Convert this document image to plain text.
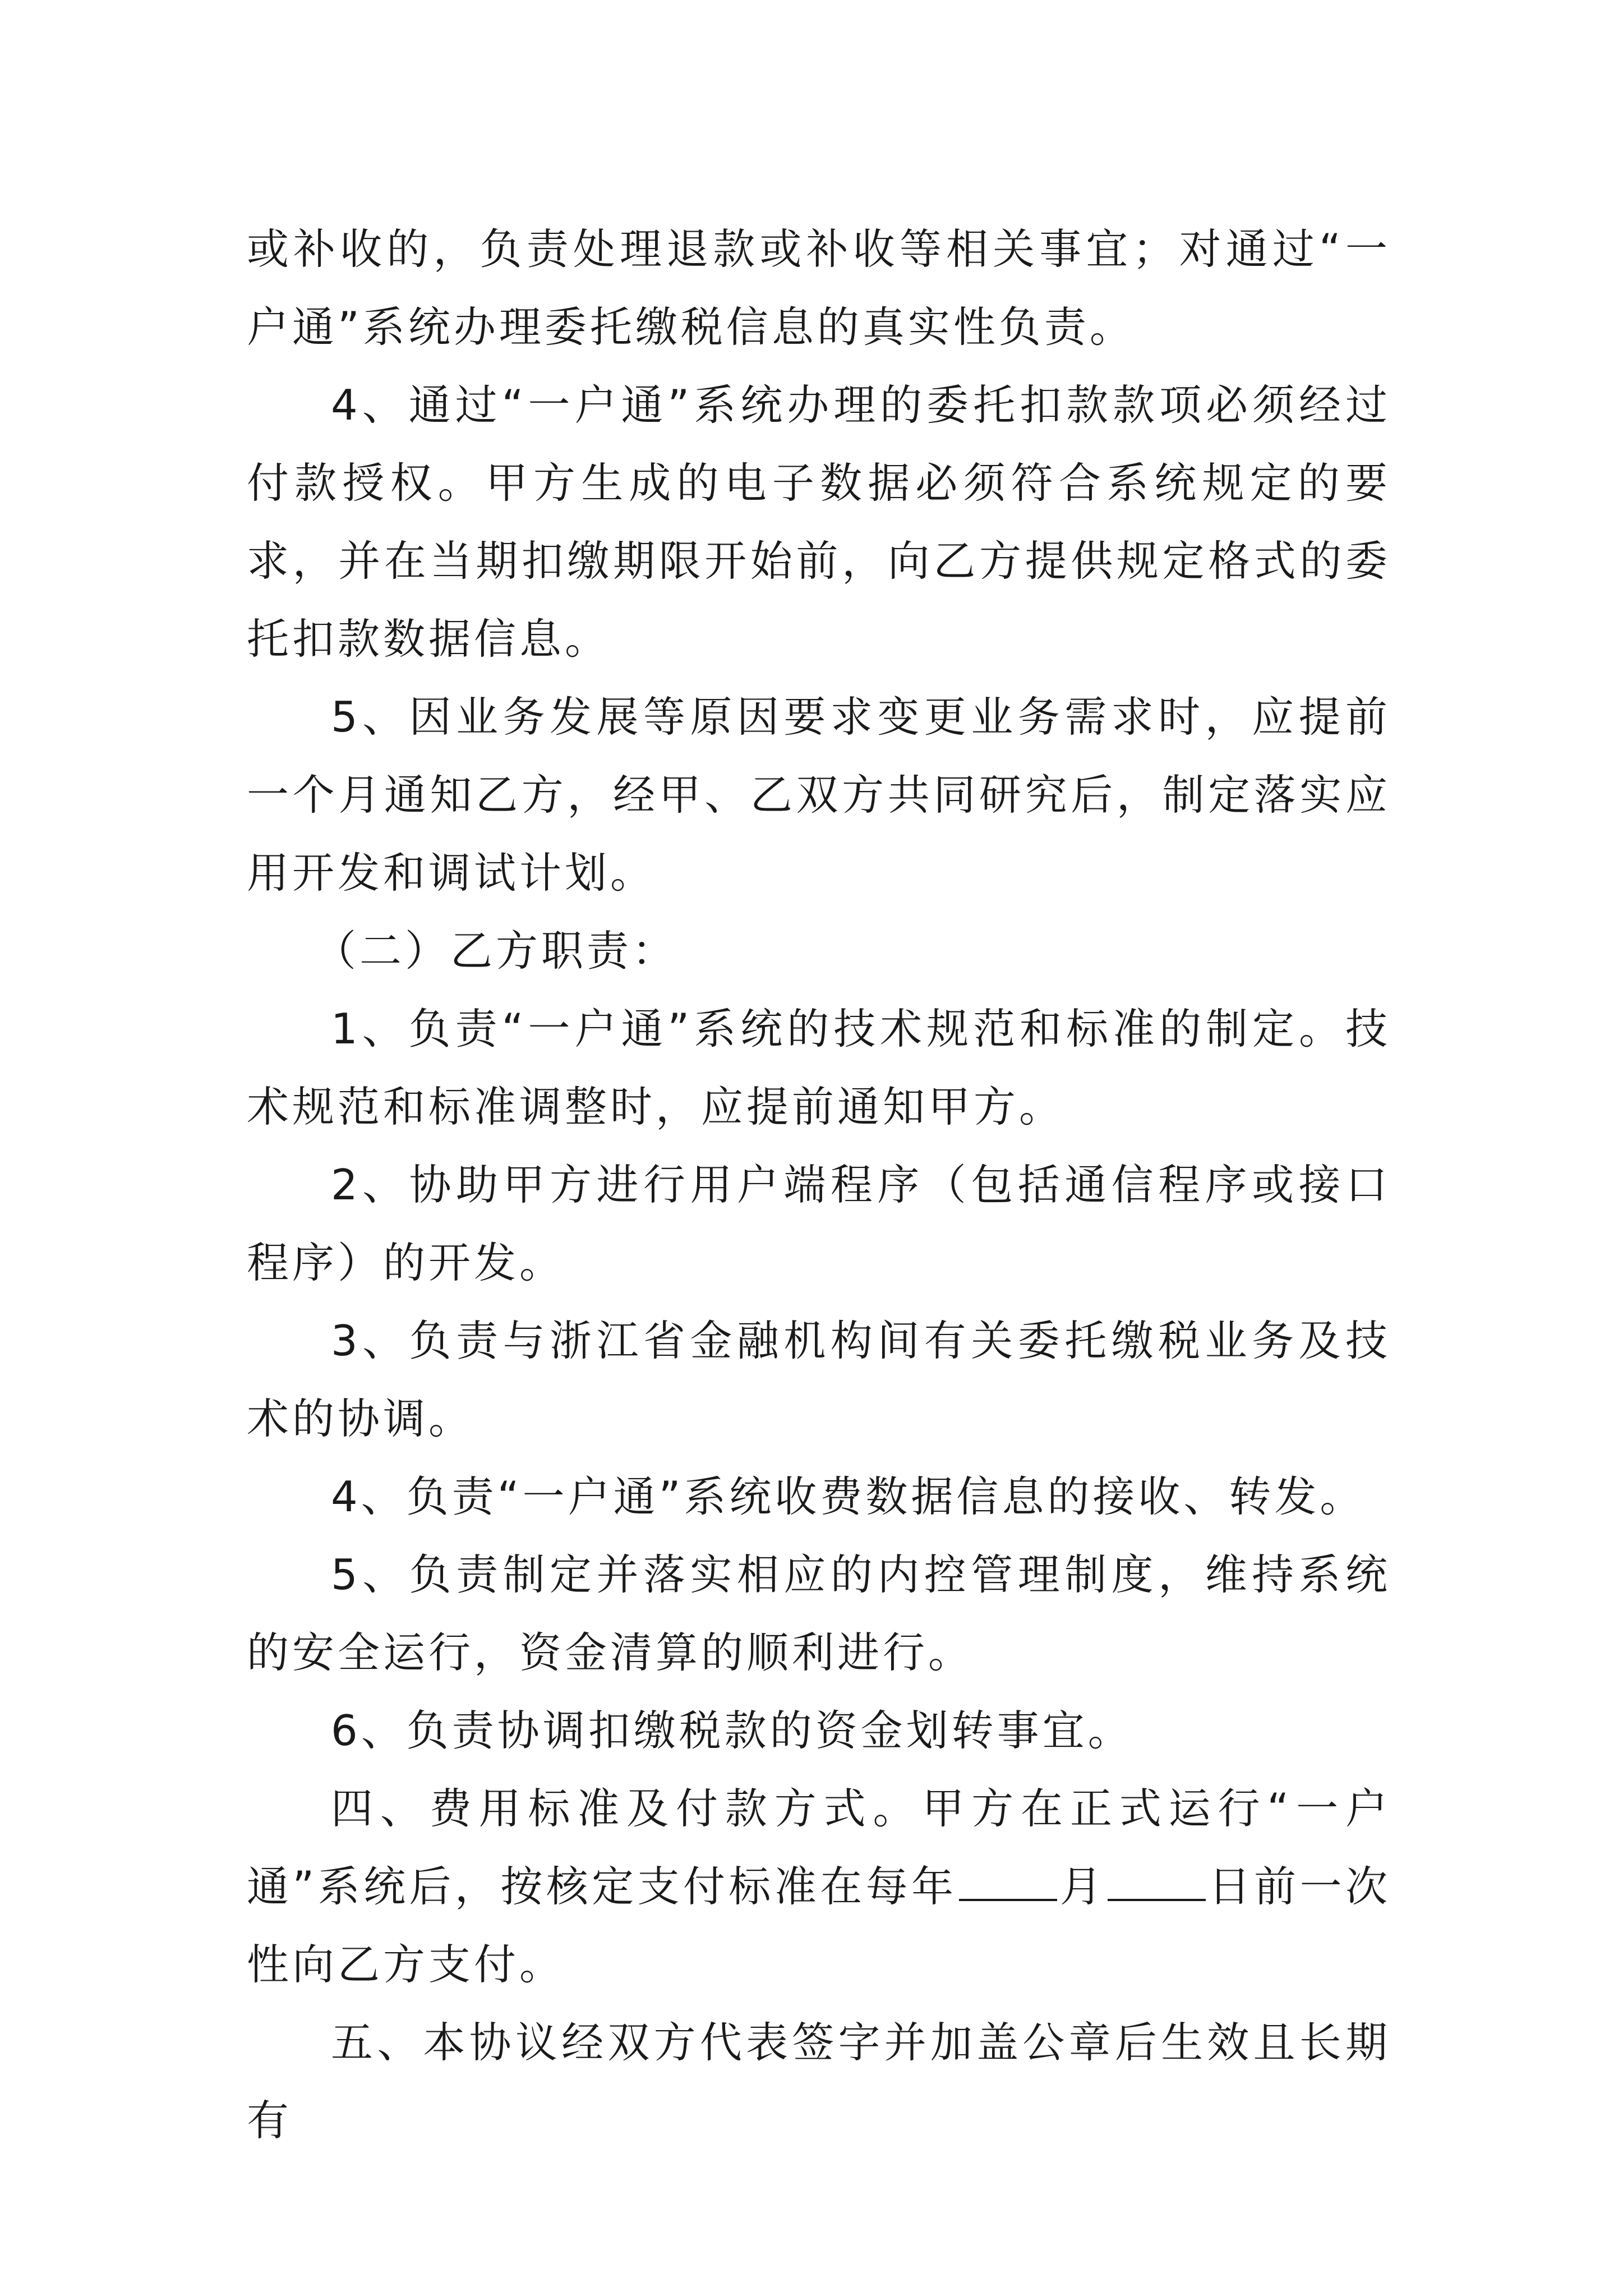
或补收的，负责处理退款或补收等相关事宜；对通过“一户通”系统办理委托缴税信息的真实性负责。

4、通过“一户通”系统办理的委托扣款款项必须经过付款授权。甲方生成的电子数据必须符合系统规定的要求，并在当期扣缴期限开始前，向乙方提供规定格式的委托扣款数据信息。

5、因业务发展等原因要求变更业务需求时，应提前一个月通知乙方，经甲、乙双方共同研究后，制定落实应用开发和调试计划。

（二）乙方职责：

1、负责“一户通”系统的技术规范和标准的制定。技术规范和标准调整时，应提前通知甲方。

2、协助甲方进行用户端程序（包括通信程序或接口程序）的开发。

3、负责与浙江省金融机构间有关委托缴税业务及技术的协调。

4、负责“一户通”系统收费数据信息的接收、转发。

5、负责制定并落实相应的内控管理制度，维持系统的安全运行，资金清算的顺利进行。

6、负责协调扣缴税款的资金划转事宜。

四、费用标准及付款方式。甲方在正式运行“一户通”系统后，按核定支付标准在每年 月 日前一次性向乙方支付。

五、本协议经双方代表签字并加盖公章后生效且长期有
